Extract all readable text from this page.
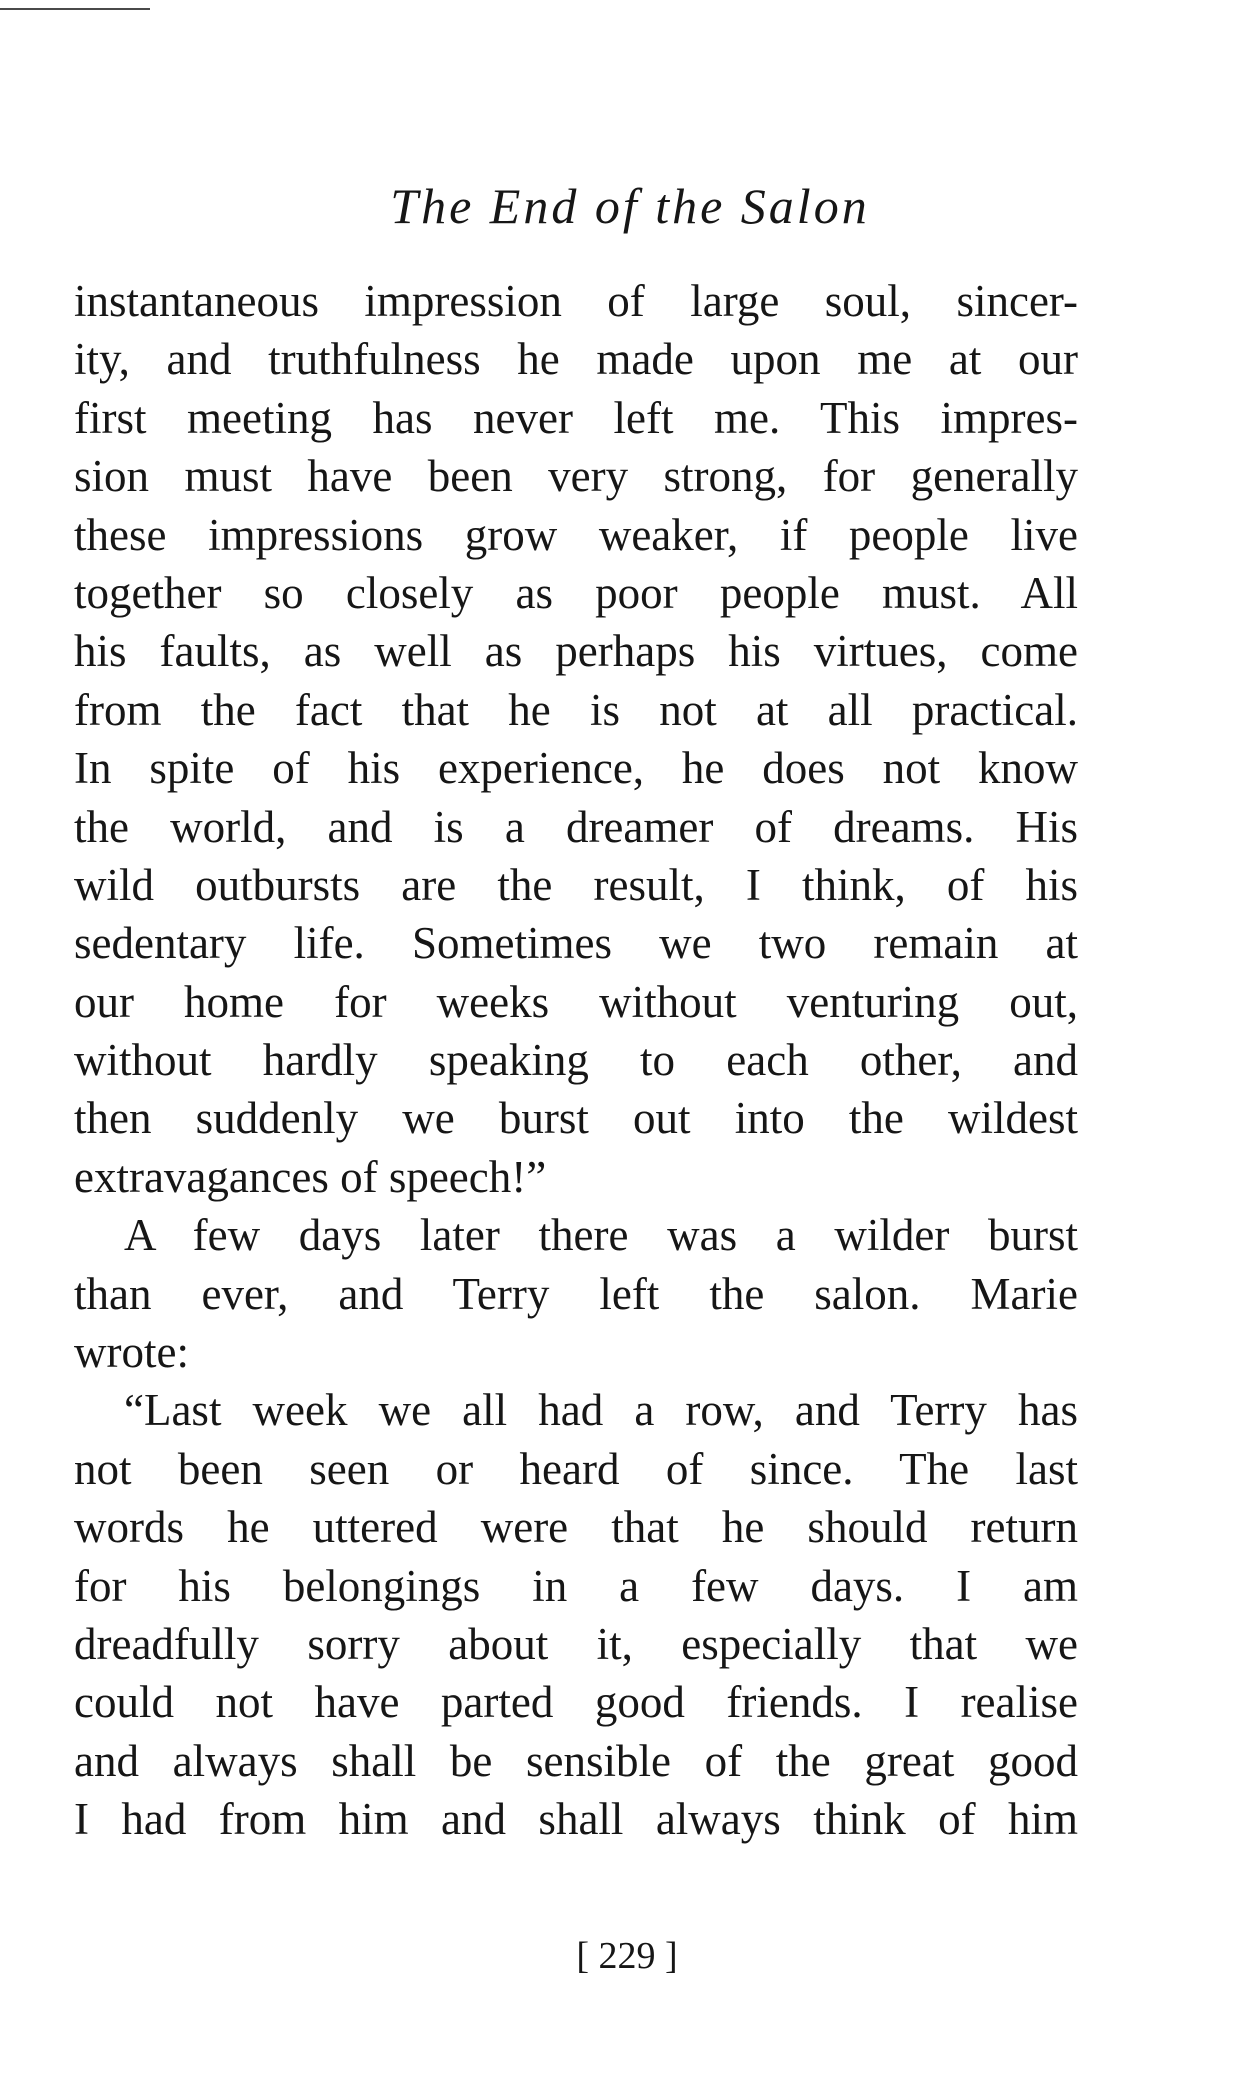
The End of the Salon
instantaneous impression of large soul, sincer-
ity, and truthfulness he made upon me at our
first meeting has never left me. This impres-
sion must have been very strong, for generally
these impressions grow weaker, if people live
together so closely as poor people must. All
his faults, as well as perhaps his virtues, come
from the fact that he is not at all practical.
In spite of his experience, he does not know
the world, and is a dreamer of dreams. His
wild outbursts are the result, I think, of his
sedentary life. Sometimes we two remain at
our home for weeks without venturing out,
without hardly speaking to each other, and
then suddenly we burst out into the wildest
extravagances of speech!”
A few days later there was a wilder burst
than ever, and Terry left the salon. Marie
wrote:
“Last week we all had a row, and Terry has
not been seen or heard of since. The last
words he uttered were that he should return
for his belongings in a few days. I am
dreadfully sorry about it, especially that we
could not have parted good friends. I realise
and always shall be sensible of the great good
I had from him and shall always think of him
[ 229 ]
